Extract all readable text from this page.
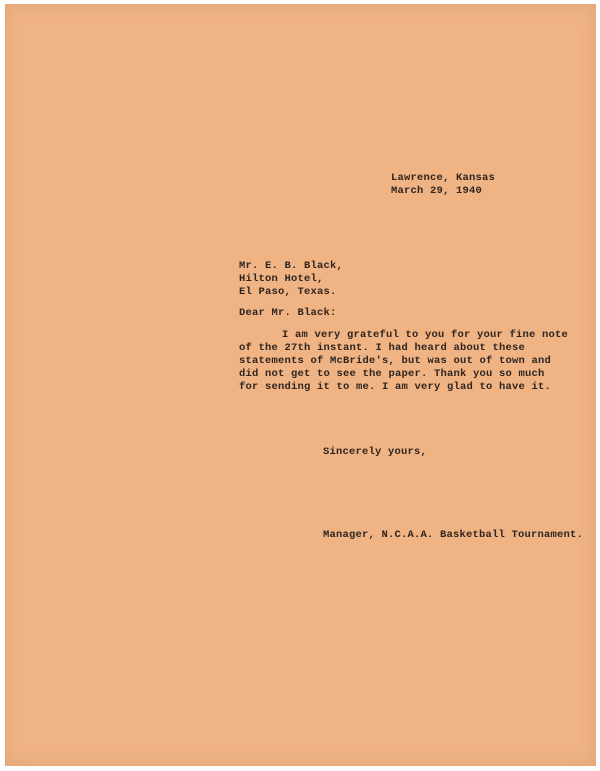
Lawrence, Kansas
March 29, 1940
Mr. E. B. Black,
Hilton Hotel,
El Paso, Texas.
Dear Mr. Black:
I am very grateful to you for your fine note
of the 27th instant. I had heard about these
statements of McBride's, but was out of town and
did not get to see the paper. Thank you so much
for sending it to me. I am very glad to have it.
Sincerely yours,
Manager, N.C.A.A. Basketball Tournament.
